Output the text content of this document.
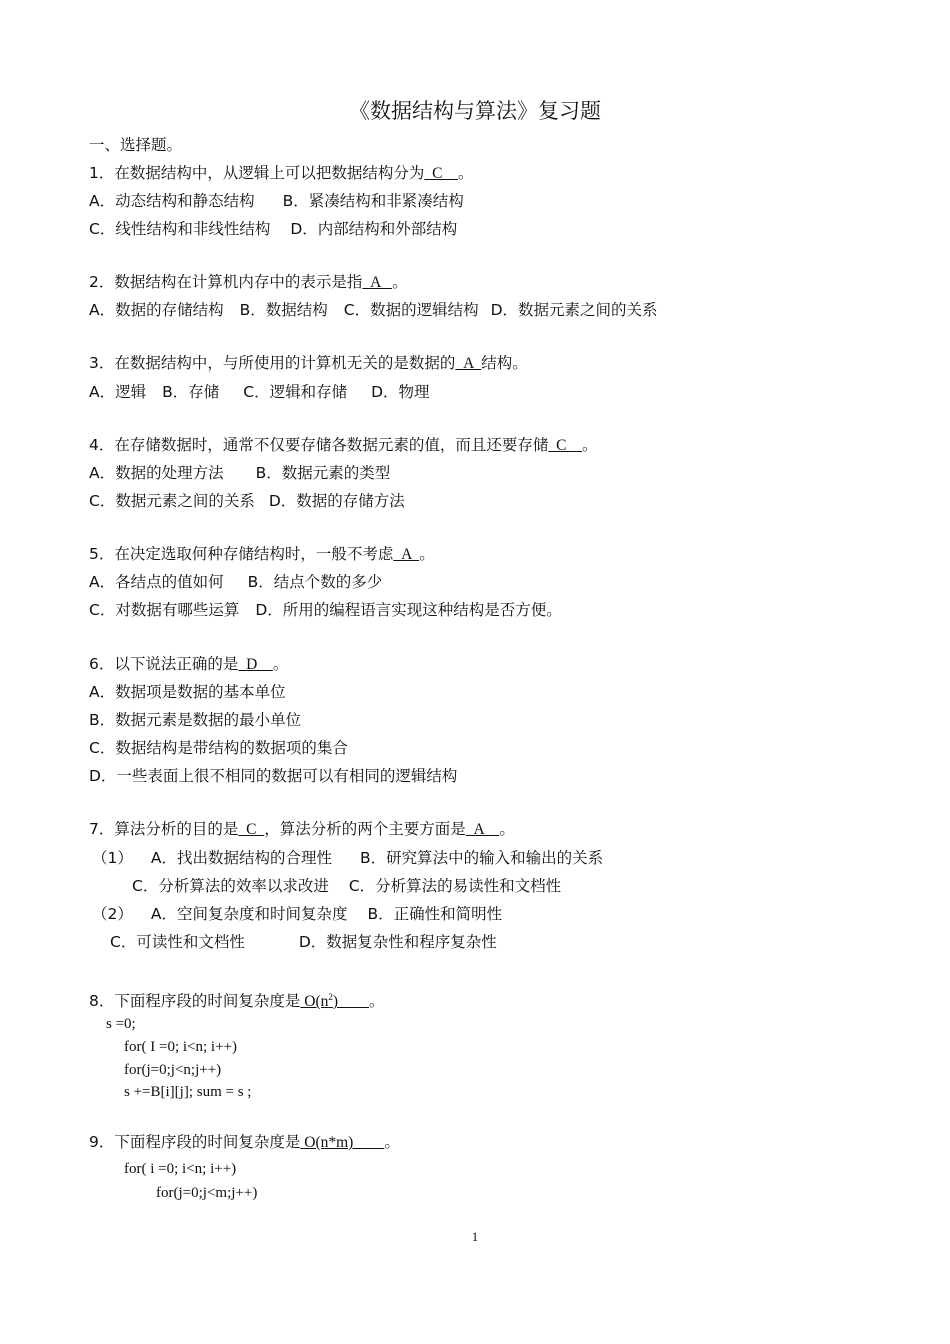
《数据结构与算法》复习题
一、选择题。
1．在数据结构中，从逻辑上可以把数据结构分为  C    。
A．动态结构和静态结构 B．紧凑结构和非紧凑结构
C．线性结构和非线性结构 D．内部结构和外部结构
2．数据结构在计算机内存中的表示是指  A   。
A．数据的存储结构 B．数据结构 C．数据的逻辑结构 D．数据元素之间的关系
3．在数据结构中，与所使用的计算机无关的是数据的  A  结构。
A．逻辑 B．存储 C．逻辑和存储 D．物理
4．在存储数据时，通常不仅要存储各数据元素的值，而且还要存储  C    。
A．数据的处理方法 B．数据元素的类型
C．数据元素之间的关系 D．数据的存储方法
5．在决定选取何种存储结构时，一般不考虑  A  。
A．各结点的值如何 B．结点个数的多少
C．对数据有哪些运算 D．所用的编程语言实现这种结构是否方便。
6．以下说法正确的是  D    。
A．数据项是数据的基本单位
B．数据元素是数据的最小单位
C．数据结构是带结构的数据项的集合
D．一些表面上很不相同的数据可以有相同的逻辑结构
7．算法分析的目的是  C  ，算法分析的两个主要方面是  A    。
（1） A．找出数据结构的合理性 B．研究算法中的输入和输出的关系
C．分析算法的效率以求改进 C．分析算法的易读性和文档性
（2） A．空间复杂度和时间复杂度 B．正确性和简明性
C．可读性和文档性	D．数据复杂性和程序复杂性
8．下面程序段的时间复杂度是 $O(n^2)$        。
s =0;
for( I =0; i<n; i++)
for(j=0;j<n;j++)
s +=B[i][j]; sum = s ;
9．下面程序段的时间复杂度是 O(n*m)        。
for( i =0; i<n; i++)
for(j=0;j<m;j++)
1
